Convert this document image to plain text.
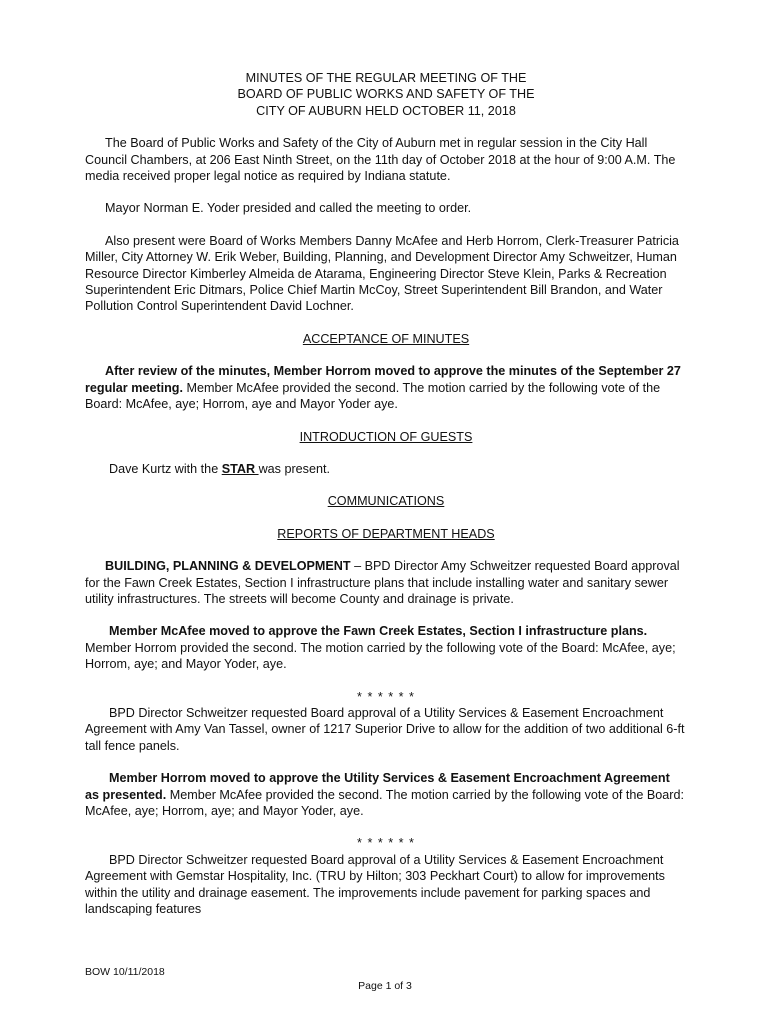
MINUTES OF THE REGULAR MEETING OF THE
BOARD OF PUBLIC WORKS AND SAFETY OF THE
CITY OF AUBURN HELD OCTOBER 11, 2018

The Board of Public Works and Safety of the City of Auburn met in regular session in the City Hall Council Chambers, at 206 East Ninth Street, on the 11th day of October 2018 at the hour of 9:00 A.M. The media received proper legal notice as required by Indiana statute.

Mayor Norman E. Yoder presided and called the meeting to order.

Also present were Board of Works Members Danny McAfee and Herb Horrom, Clerk-Treasurer Patricia Miller, City Attorney W. Erik Weber, Building, Planning, and Development Director Amy Schweitzer, Human Resource Director Kimberley Almeida de Atarama, Engineering Director Steve Klein, Parks & Recreation Superintendent Eric Ditmars, Police Chief Martin McCoy, Street Superintendent Bill Brandon, and Water Pollution Control Superintendent David Lochner.

ACCEPTANCE OF MINUTES

After review of the minutes, Member Horrom moved to approve the minutes of the September 27 regular meeting. Member McAfee provided the second. The motion carried by the following vote of the Board: McAfee, aye; Horrom, aye and Mayor Yoder aye.

INTRODUCTION OF GUESTS

Dave Kurtz with the STAR was present.

COMMUNICATIONS

REPORTS OF DEPARTMENT HEADS

BUILDING, PLANNING & DEVELOPMENT – BPD Director Amy Schweitzer requested Board approval for the Fawn Creek Estates, Section I infrastructure plans that include installing water and sanitary sewer utility infrastructures. The streets will become County and drainage is private.

Member McAfee moved to approve the Fawn Creek Estates, Section I infrastructure plans. Member Horrom provided the second. The motion carried by the following vote of the Board: McAfee, aye; Horrom, aye; and Mayor Yoder, aye.

* * * * * *

BPD Director Schweitzer requested Board approval of a Utility Services & Easement Encroachment Agreement with Amy Van Tassel, owner of 1217 Superior Drive to allow for the addition of two additional 6-ft tall fence panels.

Member Horrom moved to approve the Utility Services & Easement Encroachment Agreement as presented. Member McAfee provided the second. The motion carried by the following vote of the Board: McAfee, aye; Horrom, aye; and Mayor Yoder, aye.

* * * * * *

BPD Director Schweitzer requested Board approval of a Utility Services & Easement Encroachment Agreement with Gemstar Hospitality, Inc. (TRU by Hilton; 303 Peckhart Court) to allow for improvements within the utility and drainage easement. The improvements include pavement for parking spaces and landscaping features

BOW 10/11/2018
Page 1 of 3
